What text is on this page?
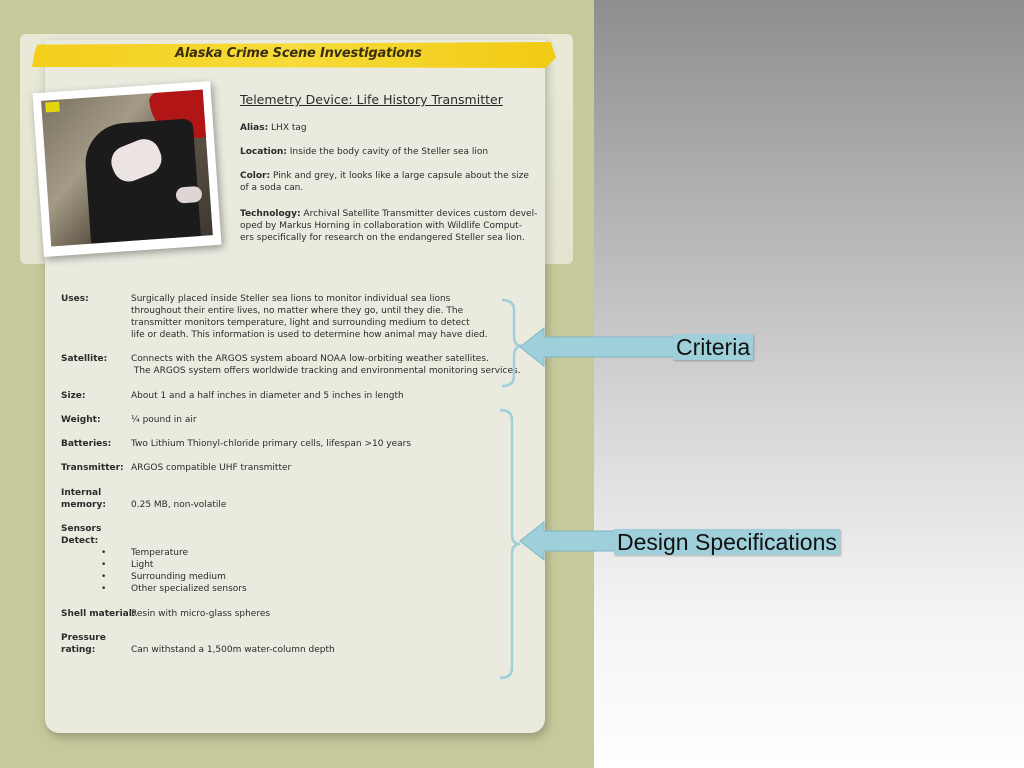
Alaska Crime Scene Investigations
Telemetry Device: Life History Transmitter
Alias: LHX tag
Location: Inside the body cavity of the Steller sea lion
Color: Pink and grey, it looks like a large capsule about the size
of a soda can.
Technology: Archival Satellite Transmitter devices custom devel-
oped by Markus Horning in collaboration with Wildlife Comput-
ers specifically for research on the endangered Steller sea lion.
Uses:	Surgically placed inside Steller sea lions to monitor individual sea lions
throughout their entire lives, no matter where they go, until they die. The
transmitter monitors temperature, light and surrounding medium to detect
life or death. This information is used to determine how animal may have died.
Satellite:	Connects with the ARGOS system aboard NOAA low-orbiting weather satellites.
The ARGOS system offers worldwide tracking and environmental monitoring services.
Size:	About 1 and a half inches in diameter and 5 inches in length
Weight:	¼ pound in air
Batteries: Two Lithium Thionyl-chloride primary cells, lifespan >10 years
Transmitter: ARGOS compatible UHF transmitter
Internal
memory:	0.25 MB, non-volatile
Sensors
Detect:
•	Temperature
•	Light
•	Surrounding medium
•	Other specialized sensors
Shell material:
Resin with micro-glass spheres
Pressure
rating:	Can withstand a 1,500m water-column depth
Criteria
Design Specifications
